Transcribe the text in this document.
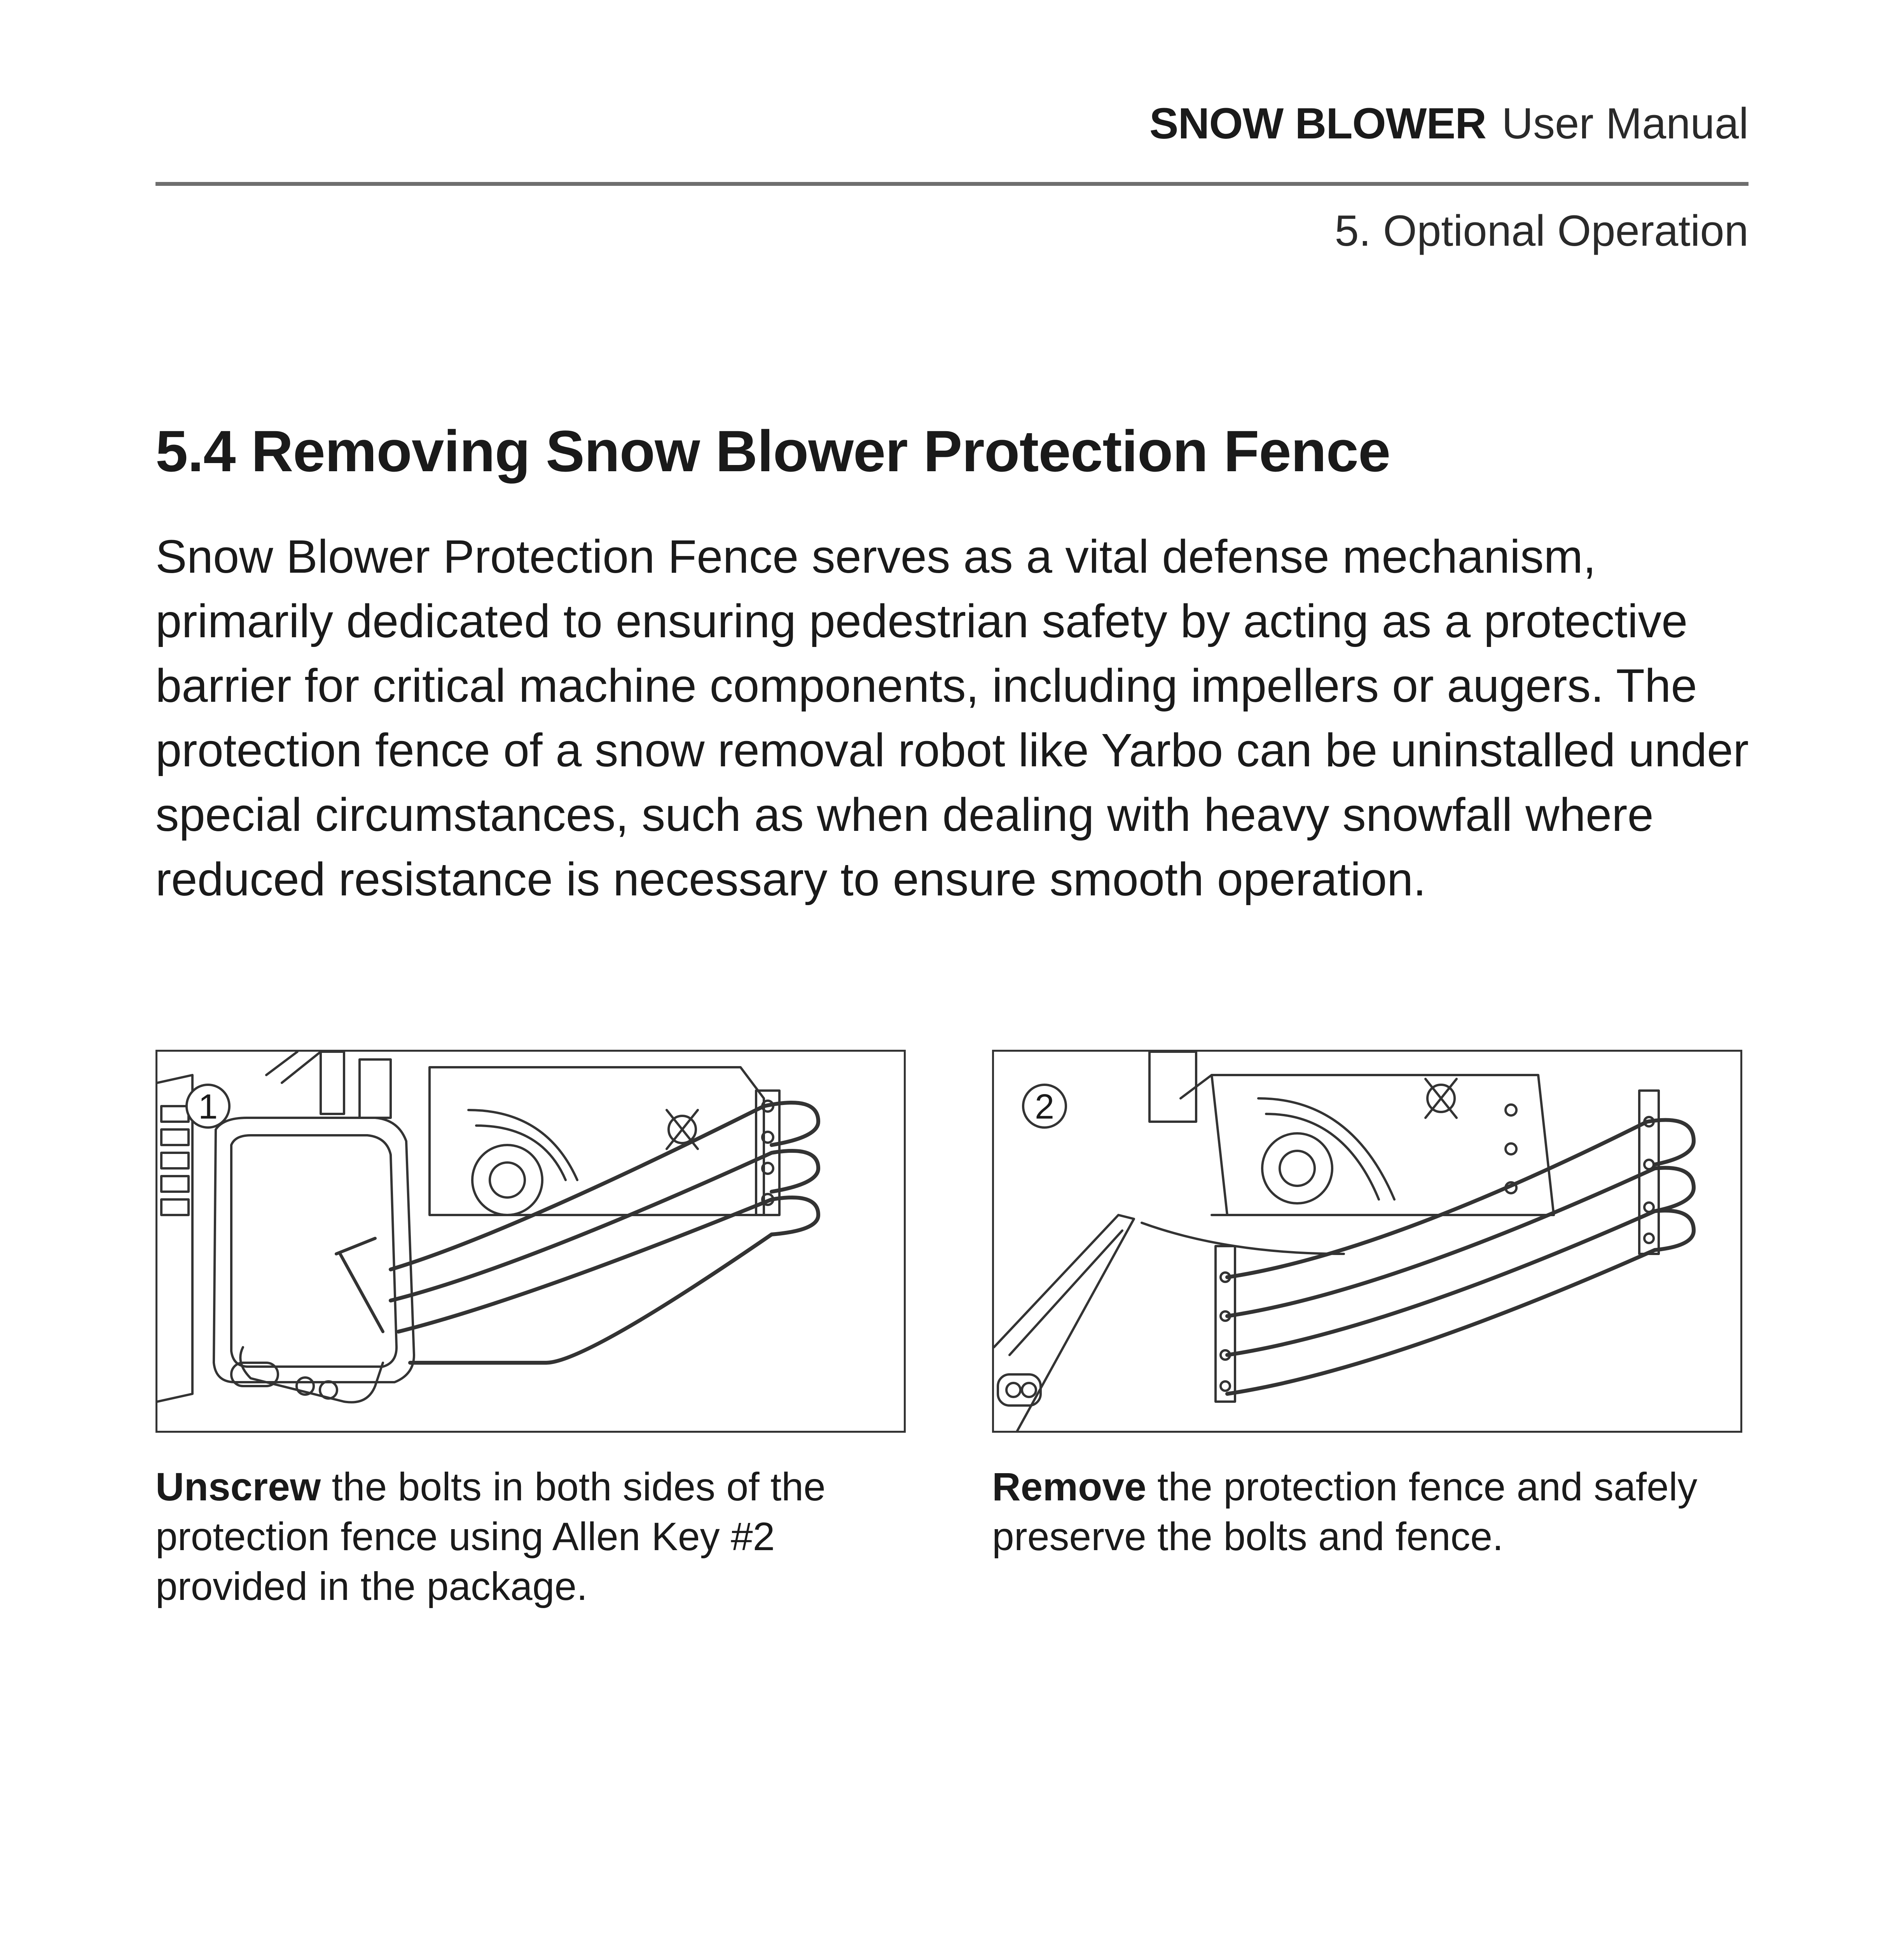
SNOW BLOWER User Manual
5. Optional Operation
5.4 Removing Snow Blower Protection Fence

Snow Blower Protection Fence serves as a vital defense mechanism, primarily dedicated to ensuring pedestrian safety by acting as a protective barrier for critical machine components, including impellers or augers. The protection fence of a snow removal robot like Yarbo can be uninstalled under special circumstances, such as when dealing with heavy snowfall where reduced resistance is necessary to ensure smooth operation.

1	2

Unscrew the bolts in both sides of the protection fence using Allen Key #2 provided in the package.

Remove the protection fence and safely preserve the bolts and fence.
